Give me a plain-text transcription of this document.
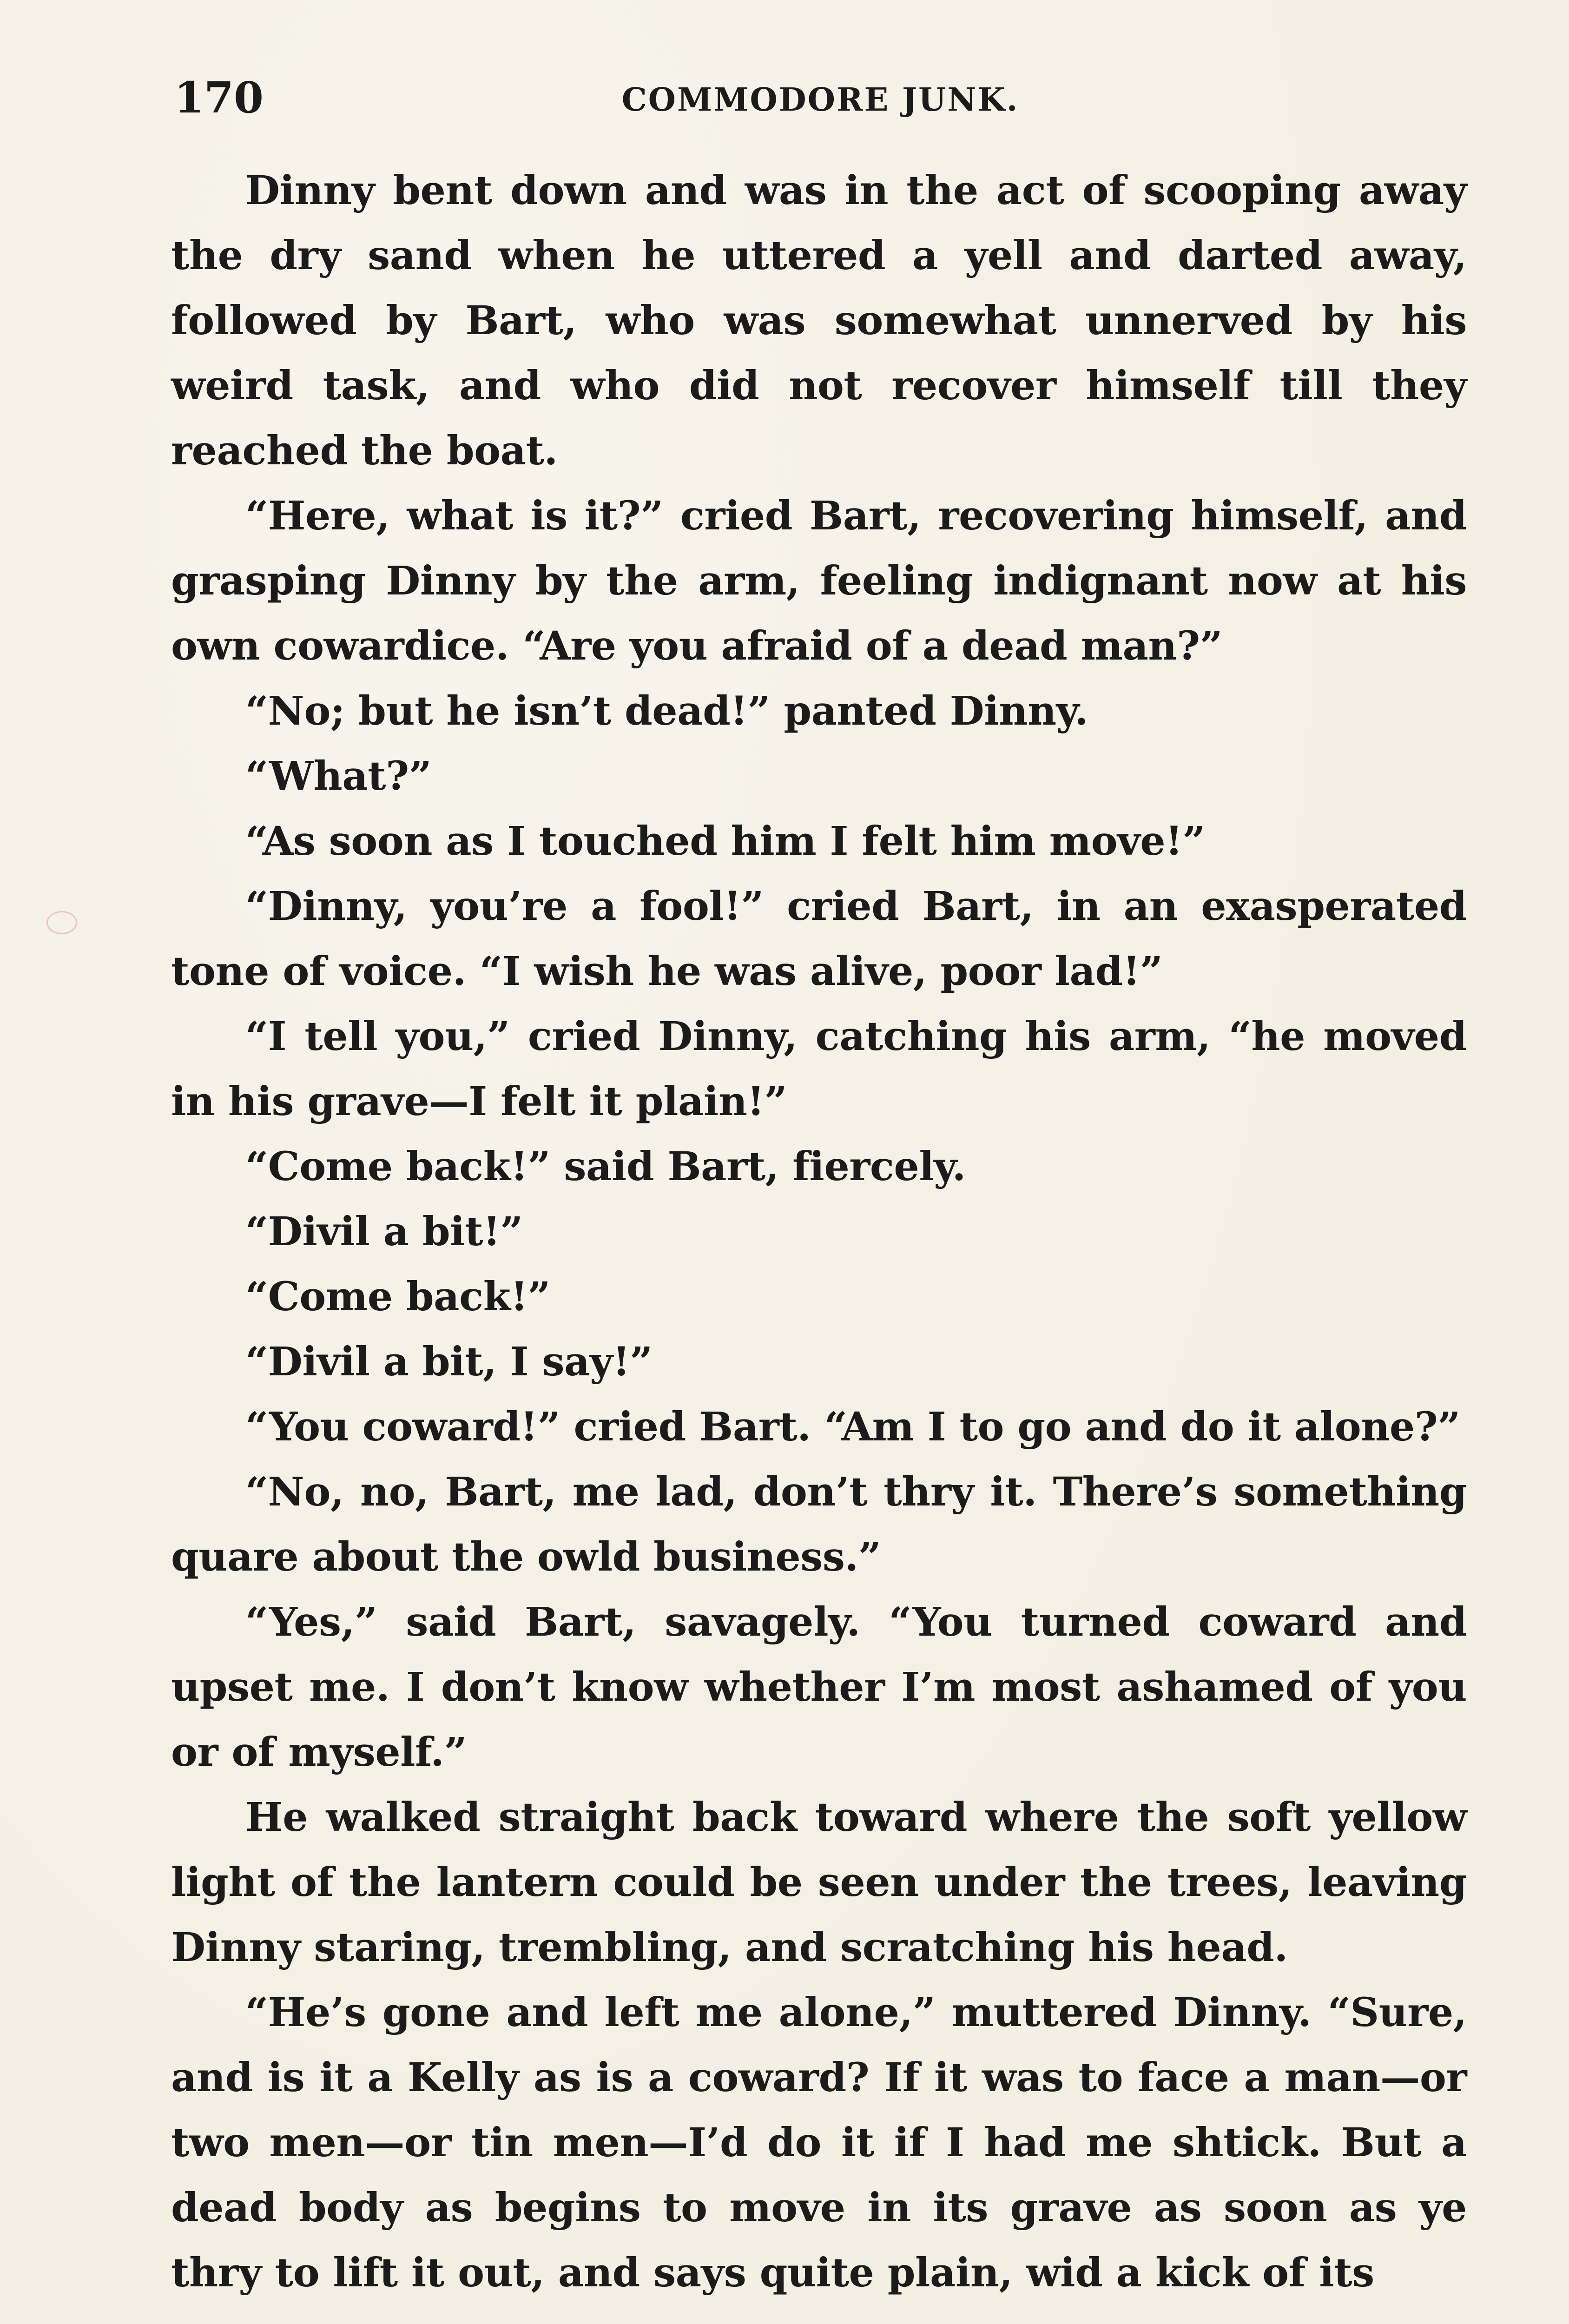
170	COMMODORE JUNK.

Dinny bent down and was in the act of scooping away the dry sand when he uttered a yell and darted away, followed by Bart, who was somewhat unnerved by his weird task, and who did not recover himself till they reached the boat.

“Here, what is it?” cried Bart, recovering himself, and grasping Dinny by the arm, feeling indignant now at his own cowardice. “Are you afraid of a dead man?”

“No; but he isn’t dead!” panted Dinny.

“What?”

“As soon as I touched him I felt him move!”

“Dinny, you’re a fool!” cried Bart, in an exasperated tone of voice. “I wish he was alive, poor lad!”

“I tell you,” cried Dinny, catching his arm, “he moved in his grave—I felt it plain!”

“Come back!” said Bart, fiercely.

“Divil a bit!”

“Come back!”

“Divil a bit, I say!”

“You coward!” cried Bart. “Am I to go and do it alone?”

“No, no, Bart, me lad, don’t thry it. There’s something quare about the owld business.”

“Yes,” said Bart, savagely. “You turned coward and upset me. I don’t know whether I’m most ashamed of you or of myself.”

He walked straight back toward where the soft yellow light of the lantern could be seen under the trees, leaving Dinny staring, trembling, and scratching his head.

“He’s gone and left me alone,” muttered Dinny. “Sure, and is it a Kelly as is a coward? If it was to face a man—or two men—or tin men—I’d do it if I had me shtick. But a dead body as begins to move in its grave as soon as ye thry to lift it out, and says quite plain, wid a kick of its
